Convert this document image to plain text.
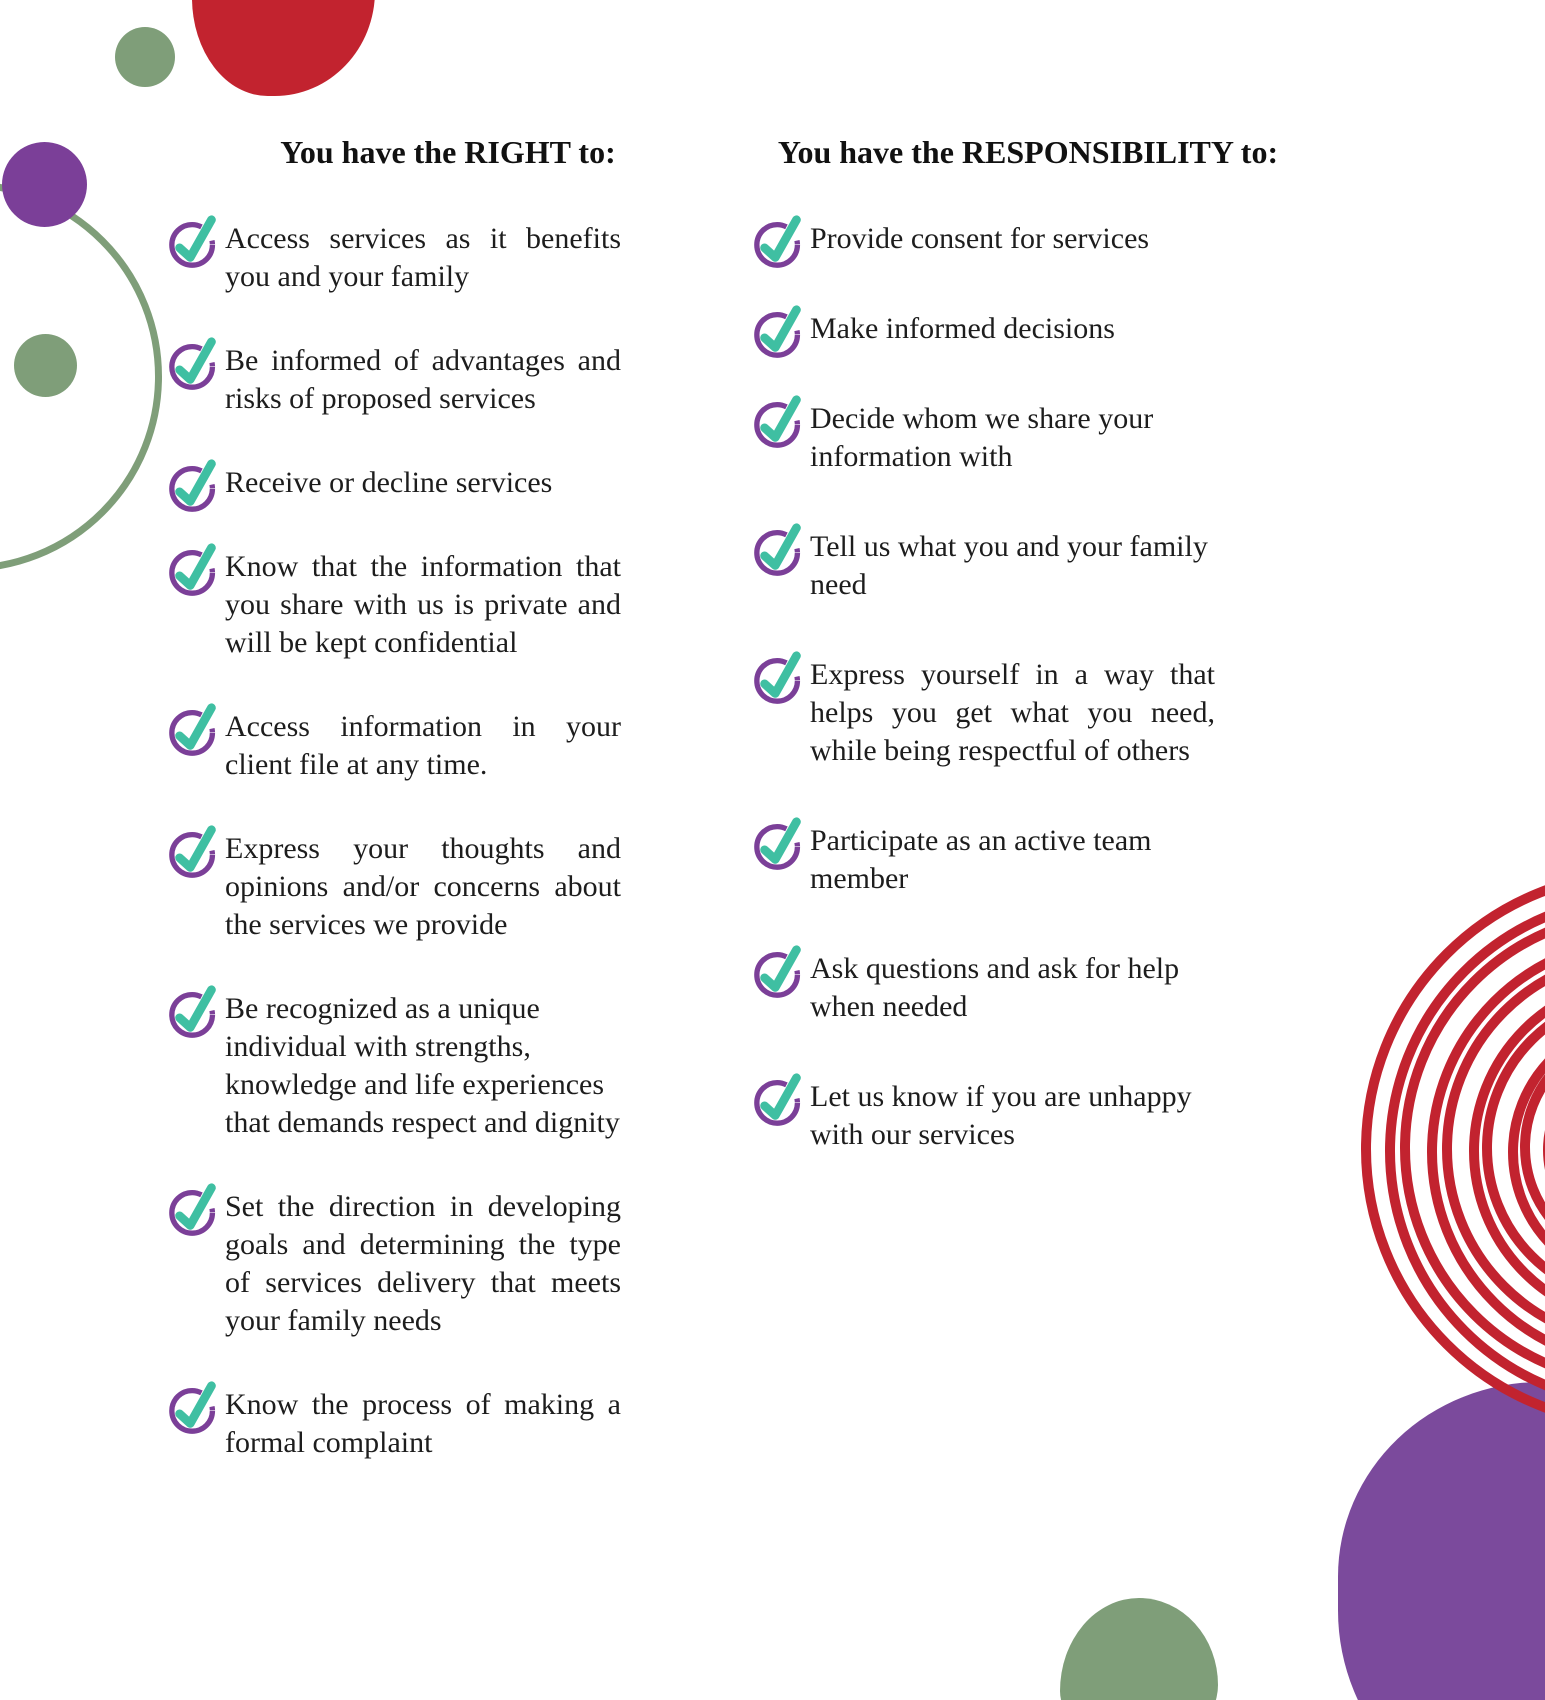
You have the RIGHT to:
Access services as it benefits you and your family
Be informed of advantages and risks of proposed services
Receive or decline services
Know that the information that you share with us is private and will be kept confidential
Access information in your client file at any time.
Express your thoughts and opinions and/or concerns about the services we provide
Be recognized as a unique individual with strengths, knowledge and life experiences that demands respect and dignity
Set the direction in developing goals and determining the type of services delivery that meets your family needs
Know the process of making a formal complaint
You have the RESPONSIBILITY to:
Provide consent for services
Make informed decisions
Decide whom we share your information with
Tell us what you and your family need
Express yourself in a way that helps you get what you need, while being respectful of others
Participate as an active team member
Ask questions and ask for help when needed
Let us know if you are unhappy with our services
